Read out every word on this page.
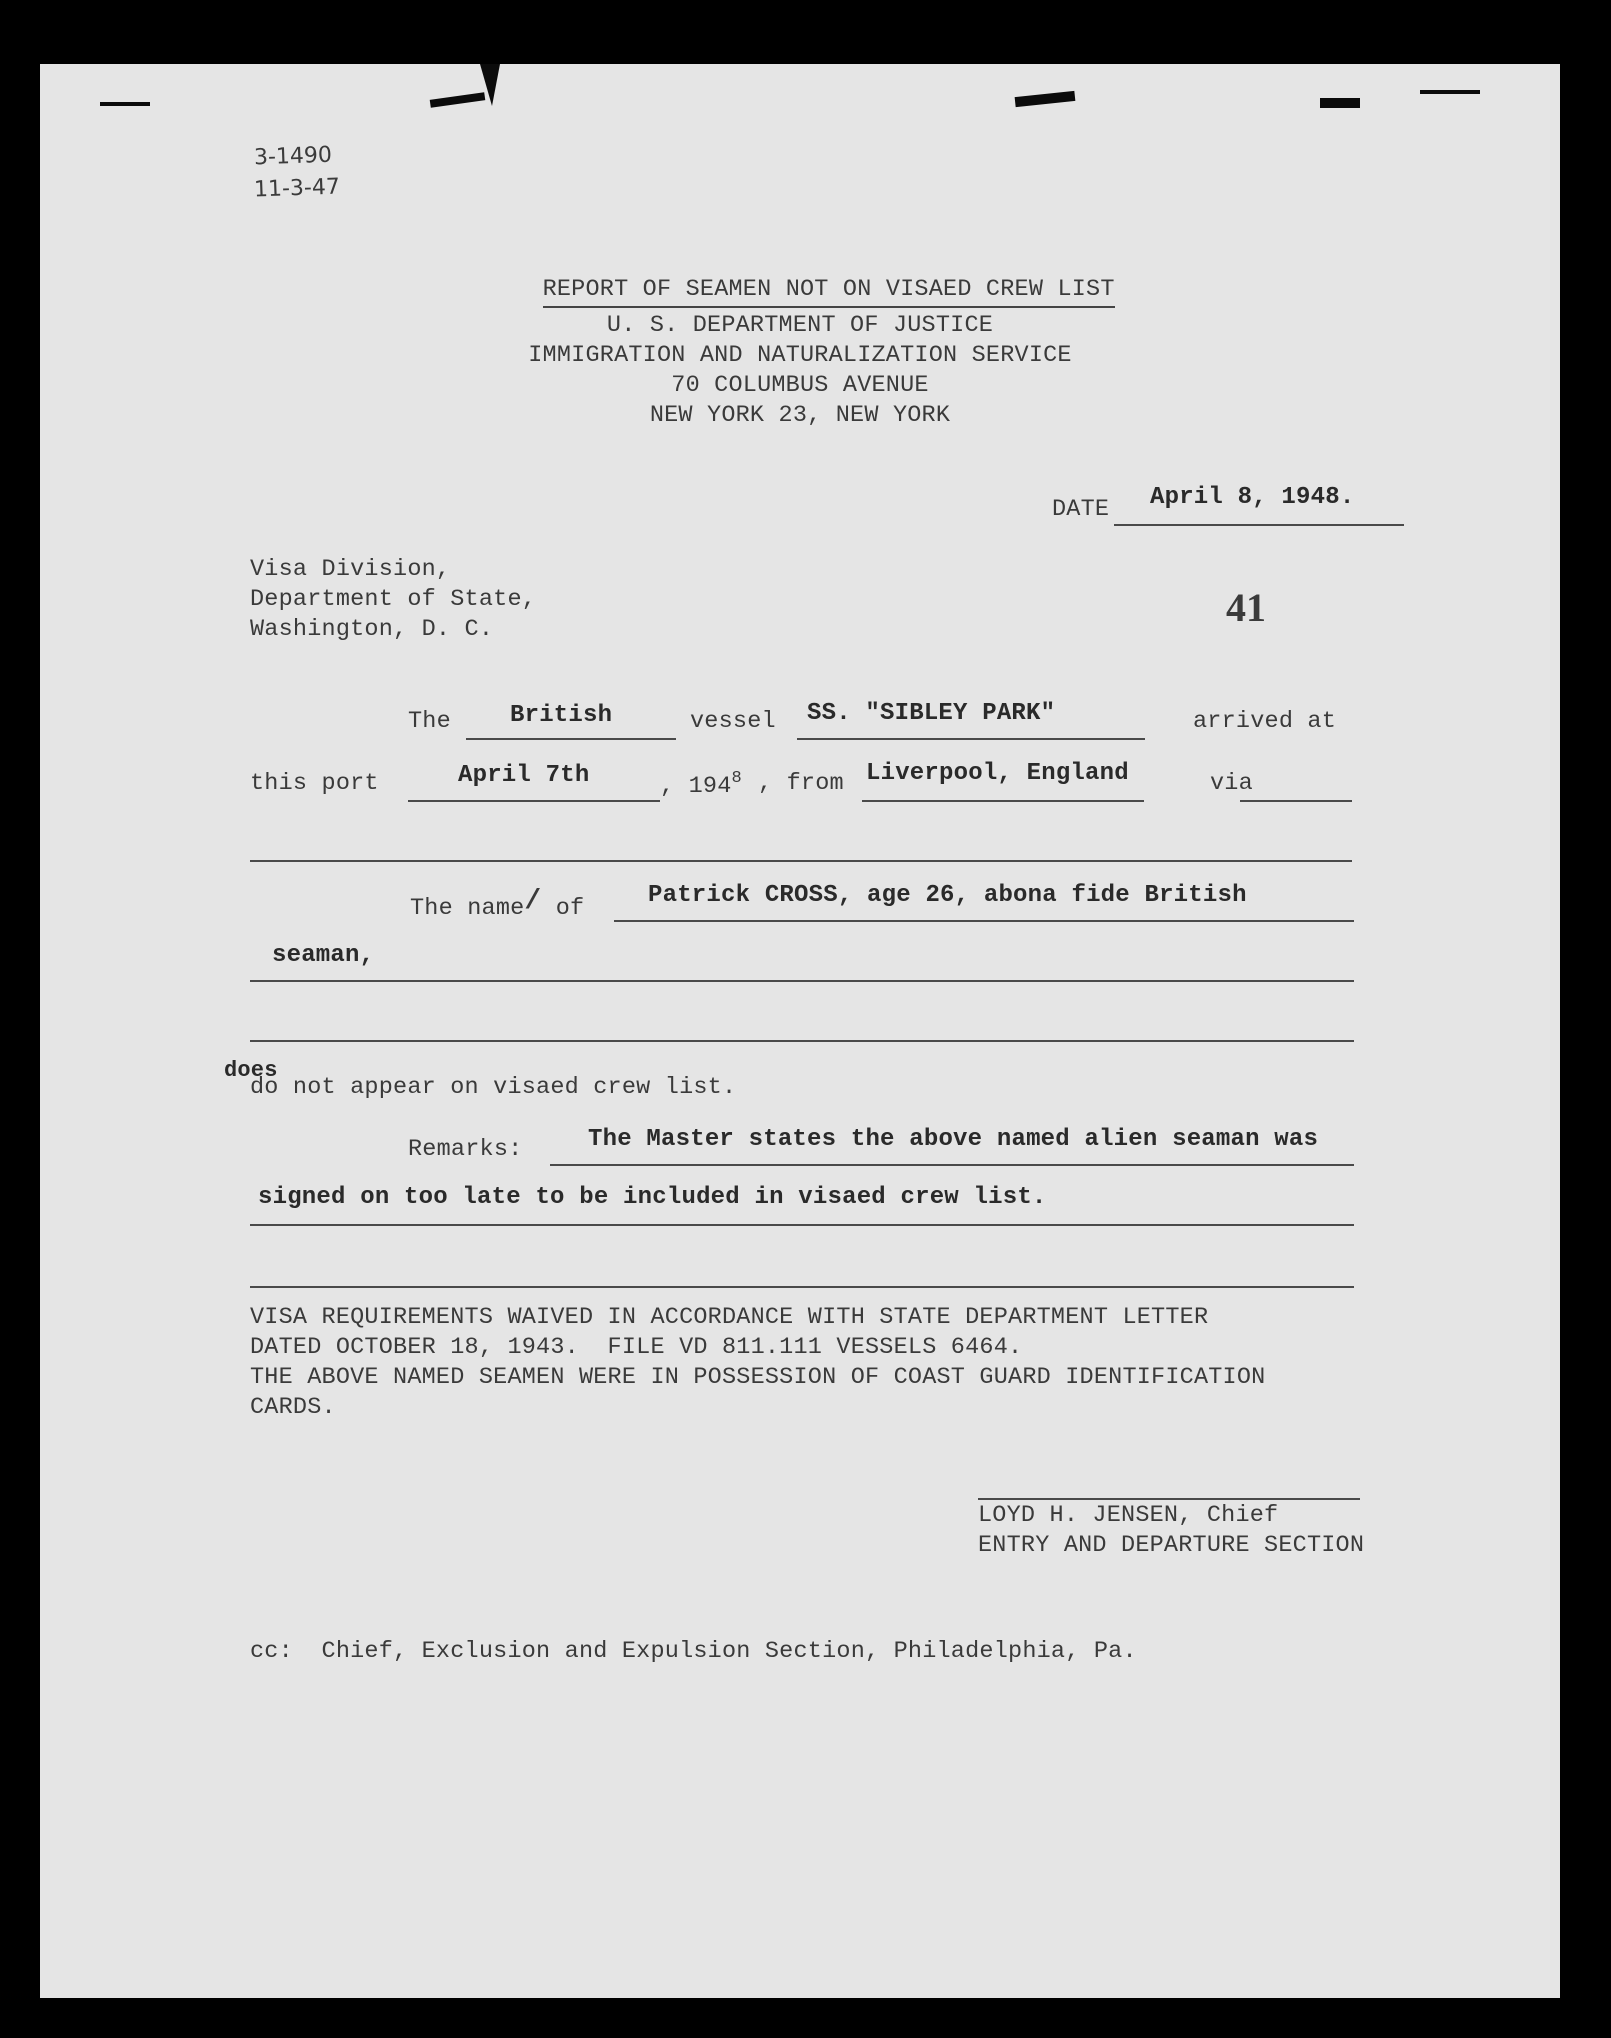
3-1490
11-3-47

REPORT OF SEAMEN NOT ON VISAED CREW LIST

U. S. DEPARTMENT OF JUSTICE
IMMIGRATION AND NATURALIZATION SERVICE
70 COLUMBUS AVENUE
NEW YORK 23, NEW YORK
DATE April 8, 1948.
Visa Division,
Department of State,
Washington, D. C.	41
The British	vessel SS. "SIBLEY PARK"	arrived at
this port	April 7th	, $194^8$ , from Liverpool, England	via
The name/ of	Patrick CROSS, age 26, abona fide British
seaman,
does
do not appear on visaed crew list.
Remarks:	The Master states the above named alien seaman was
signed on too late to be included in visaed crew list.
VISA REQUIREMENTS WAIVED IN ACCORDANCE WITH STATE DEPARTMENT LETTER
DATED OCTOBER 18, 1943.  FILE VD 811.111 VESSELS 6464.
THE ABOVE NAMED SEAMEN WERE IN POSSESSION OF COAST GUARD IDENTIFICATION
CARDS.
LOYD H. JENSEN, Chief
ENTRY AND DEPARTURE SECTION
cc:  Chief, Exclusion and Expulsion Section, Philadelphia, Pa.
